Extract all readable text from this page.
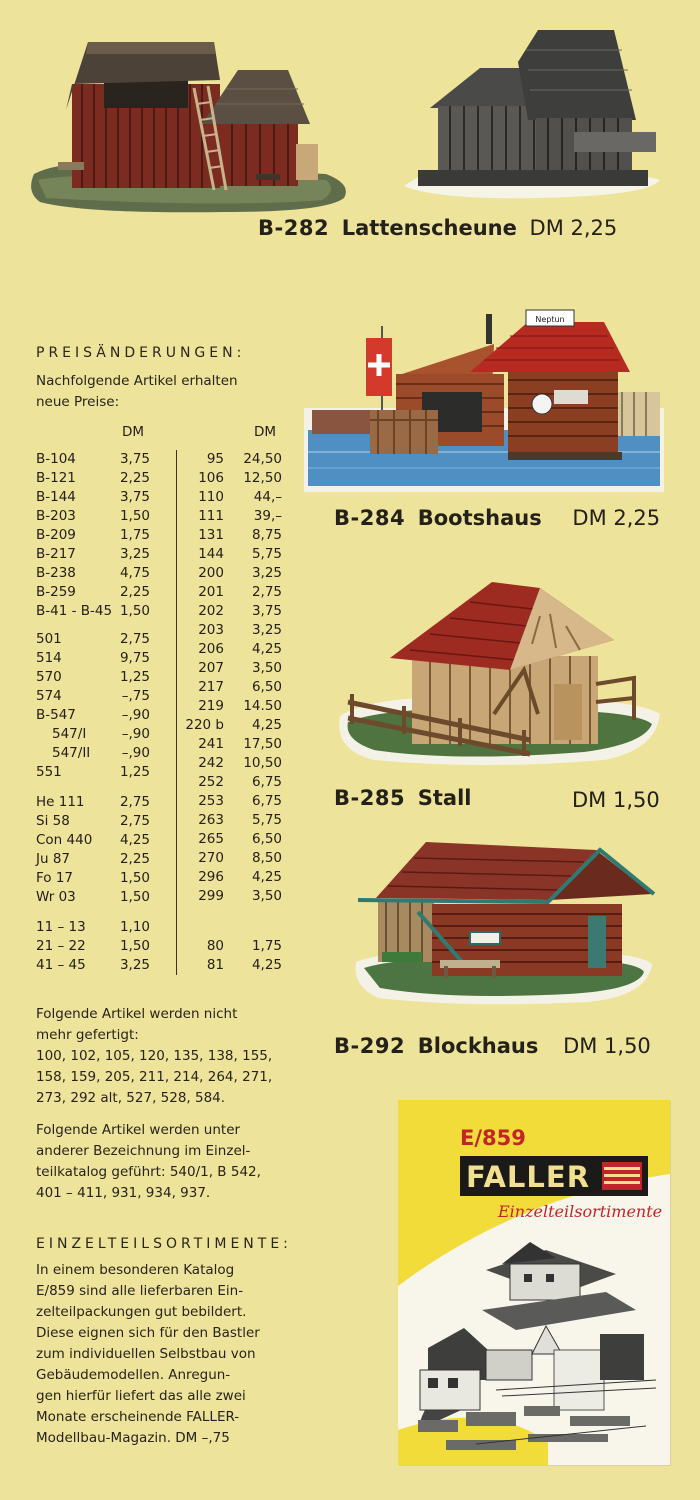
B-282 Lattenscheune DM 2,25
Neptun
B-284 Bootshaus DM 2,25
B-285 Stall	DM 1,50
B-292 Blockhaus DM 1,50
PREISÄNDERUNGEN:

Nachfolgende Artikel erhalten

neue Preise:

DM	DM
B-104	3,75
B-121	2,25
B-144	3,75
B-203	1,50
B-209	1,75
B-217	3,25
B-238	4,75
B-259	2,25
B-41 - B-45 1,50
501	2,75
514	9,75
570	1,25
574	–,75
B-547	–,90
547/I	–,90
547/II	–,90
551	1,25
He 111	2,75
Si 58	2,75
Con 440	4,25
Ju 87	2,25
Fo 17	1,50
Wr 03	1,50
11 – 13	1,10
21 – 22	1,50
41 – 45	3,25
95	24,50
106	12,50
110	44,–
111	39,–
131	8,75
144	5,75
200	3,25
201	2,75
202	3,75
203	3,25
206	4,25
207	3,50
217	6,50
219	14.50
220 b	4,25
241	17,50
242	10,50
252	6,75
253	6,75
263	5,75
265	6,50
270	8,50
296	4,25
299	3,50
80	1,75
81	4,25

Folgende Artikel werden nicht

mehr gefertigt:

100, 102, 105, 120, 135, 138, 155,

158, 159, 205, 211, 214, 264, 271,

273, 292 alt, 527, 528, 584.

Folgende Artikel werden unter

anderer Bezeichnung im Einzel-

teilkatalog geführt: 540/1, B 542,

401 – 411, 931, 934, 937.

EINZELTEILSORTIMENTE:

In einem besonderen Katalog

E/859 sind alle lieferbaren Ein-

zelteilpackungen gut bebildert.

Diese eignen sich für den Bastler

zum individuellen Selbstbau von

Gebäudemodellen. Anregun-

gen hierfür liefert das alle zwei

Monate erscheinende FALLER-

Modellbau-Magazin. DM –,75

E/859
FALLER
Einzelteilsortimente
